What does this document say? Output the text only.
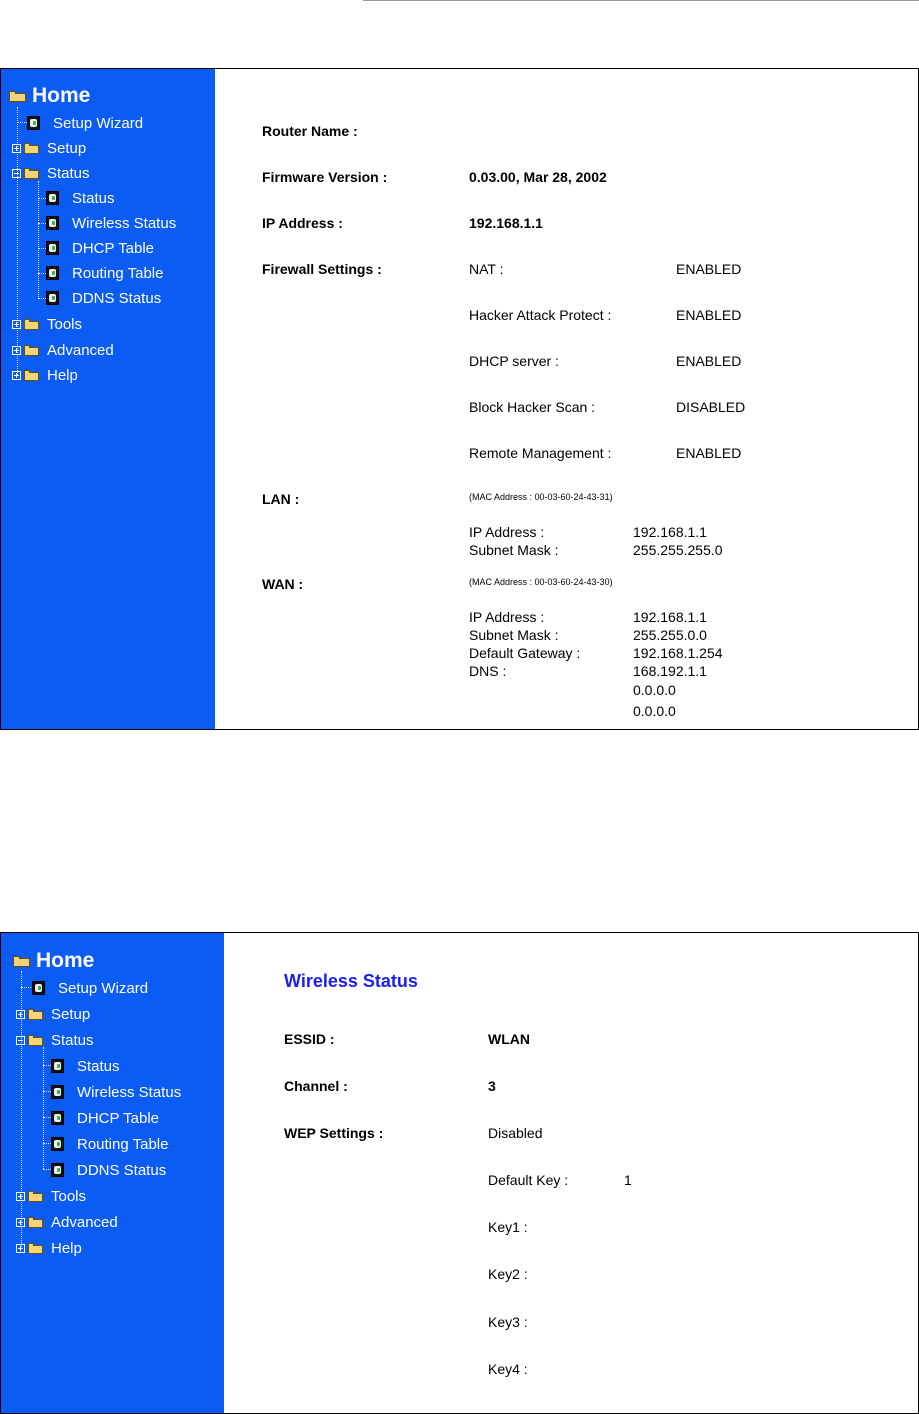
Home
Setup Wizard
Setup
Status
Status
Wireless Status
DHCP Table
Routing Table
DDNS Status
Tools
Advanced
Help
Router Name :
Firmware Version :	0.03.00, Mar 28, 2002
IP Address :	192.168.1.1
Firewall Settings :	NAT :	ENABLED
Hacker Attack Protect :	ENABLED
DHCP server :	ENABLED
Block Hacker Scan :	DISABLED
Remote Management :	ENABLED
LAN :	(MAC Address : 00-03-60-24-43-31)
IP Address :	192.168.1.1
Subnet Mask :	255.255.255.0
WAN :	(MAC Address : 00-03-60-24-43-30)
IP Address :	192.168.1.1
Subnet Mask :	255.255.0.0
Default Gateway :	192.168.1.254
DNS :	168.192.1.1
0.0.0.0
0.0.0.0
Home
Setup Wizard
Setup
Status
Status
Wireless Status
DHCP Table
Routing Table
DDNS Status
Tools
Advanced
Help
Wireless Status
ESSID :	WLAN
Channel :	3
WEP Settings :	Disabled
Default Key :	1
Key1 :
Key2 :
Key3 :
Key4 :
